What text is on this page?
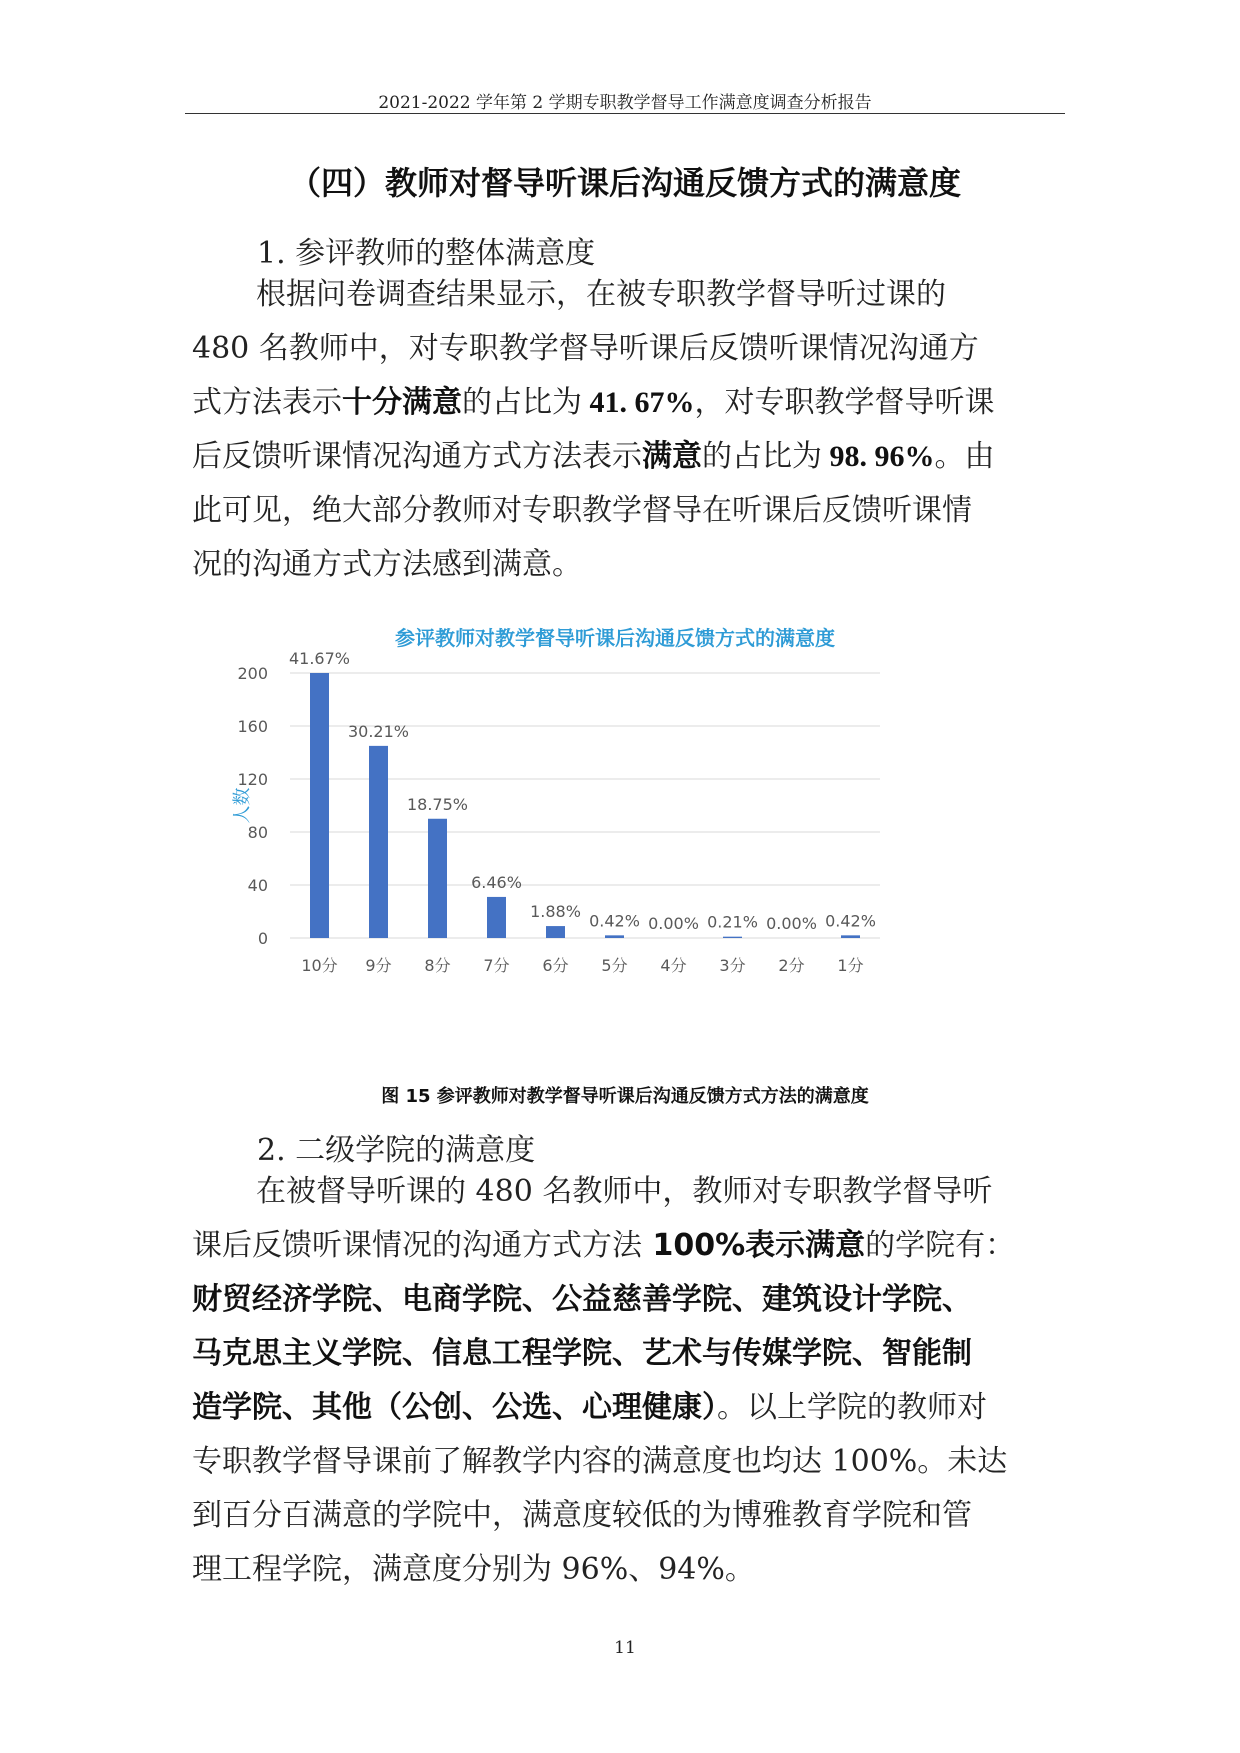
2021-2022 学年第 2 学期专职教学督导工作满意度调查分析报告
（四）教师对督导听课后沟通反馈方式的满意度
1. 参评教师的整体满意度
根据问卷调查结果显示，在被专职教学督导听过课的
480 名教师中，对专职教学督导听课后反馈听课情况沟通方
式方法表示十分满意的占比为 41. 67%，对专职教学督导听课
后反馈听课情况沟通方式方法表示满意的占比为 98. 96%。由
此可见，绝大部分教师对专职教学督导在听课后反馈听课情
况的沟通方式方法感到满意。
参评教师对教学督导听课后沟通反馈方式的满意度
0
40
80
120
160
200
人数
41.67%
10分
30.21%
9分
18.75%
8分
6.46%
7分
1.88%
6分
0.42%
5分
0.00%
4分
0.21%
3分
0.00%
2分
0.42%
1分
图 15 参评教师对教学督导听课后沟通反馈方式方法的满意度
2. 二级学院的满意度
在被督导听课的 480 名教师中，教师对专职教学督导听
课后反馈听课情况的沟通方式方法 100%表示满意的学院有：
财贸经济学院、电商学院、公益慈善学院、建筑设计学院、
马克思主义学院、信息工程学院、艺术与传媒学院、智能制
造学院、其他（公创、公选、心理健康）。以上学院的教师对
专职教学督导课前了解教学内容的满意度也均达 100%。未达
到百分百满意的学院中，满意度较低的为博雅教育学院和管
理工程学院，满意度分别为 96%、94%。
11
